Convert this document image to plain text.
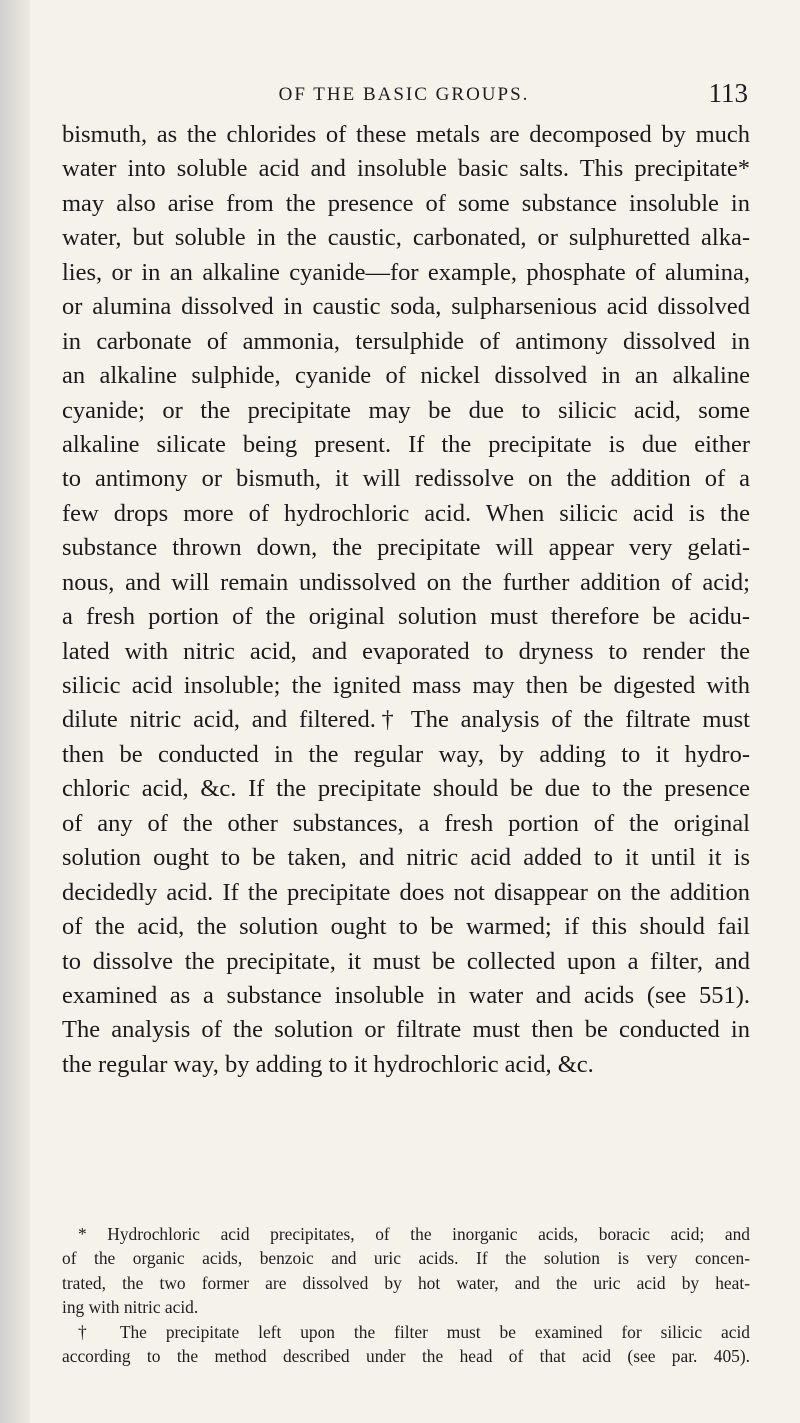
OF THE BASIC GROUPS.	113
bismuth, as the chlorides of these metals are decomposed by much
water into soluble acid and insoluble basic salts. This precipitate*
may also arise from the presence of some substance insoluble in
water, but soluble in the caustic, carbonated, or sulphuretted alka-
lies, or in an alkaline cyanide—for example, phosphate of alumina,
or alumina dissolved in caustic soda, sulpharsenious acid dissolved
in carbonate of ammonia, tersulphide of antimony dissolved in
an alkaline sulphide, cyanide of nickel dissolved in an alkaline
cyanide; or the precipitate may be due to silicic acid, some
alkaline silicate being present. If the precipitate is due either
to antimony or bismuth, it will redissolve on the addition of a
few drops more of hydrochloric acid. When silicic acid is the
substance thrown down, the precipitate will appear very gelati-
nous, and will remain undissolved on the further addition of acid;
a fresh portion of the original solution must therefore be acidu-
lated with nitric acid, and evaporated to dryness to render the
silicic acid insoluble; the ignited mass may then be digested with
dilute nitric acid, and filtered.† The analysis of the filtrate must
then be conducted in the regular way, by adding to it hydro-
chloric acid, &c. If the precipitate should be due to the presence
of any of the other substances, a fresh portion of the original
solution ought to be taken, and nitric acid added to it until it is
decidedly acid. If the precipitate does not disappear on the addition
of the acid, the solution ought to be warmed; if this should fail
to dissolve the precipitate, it must be collected upon a filter, and
examined as a substance insoluble in water and acids (see 551).
The analysis of the solution or filtrate must then be conducted in
the regular way, by adding to it hydrochloric acid, &c.
* Hydrochloric acid precipitates, of the inorganic acids, boracic acid; and
of the organic acids, benzoic and uric acids. If the solution is very concen-
trated, the two former are dissolved by hot water, and the uric acid by heat-
ing with nitric acid.
† The precipitate left upon the filter must be examined for silicic acid
according to the method described under the head of that acid (see par. 405).
